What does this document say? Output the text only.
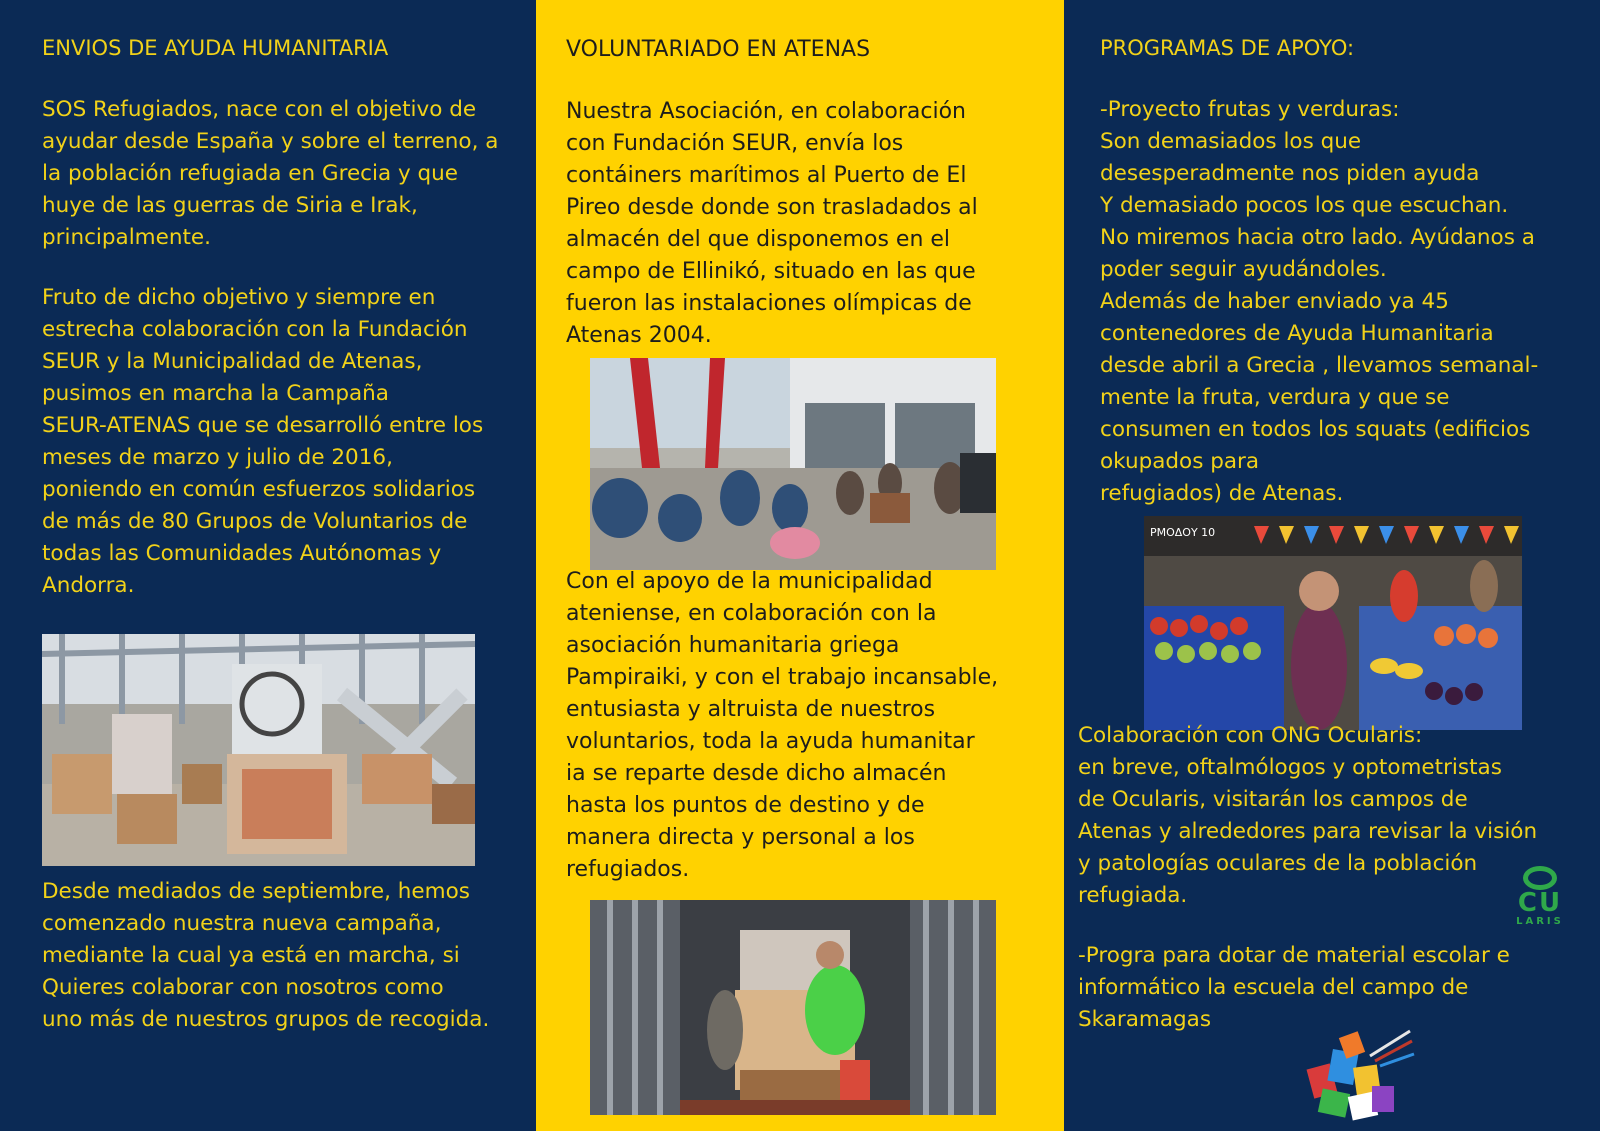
ENVIOS DE AYUDA HUMANITARIA

SOS Refugiados, nace con el objetivo de
ayudar desde España y sobre el terreno, a
la población refugiada en Grecia y que
huye de las guerras de Siria e Irak,
principalmente.

Fruto de dicho objetivo y siempre en
estrecha colaboración con la Fundación
SEUR y la Municipalidad de Atenas,
pusimos en marcha la Campaña
SEUR-ATENAS que se desarrolló entre los
meses de marzo y julio de 2016,
poniendo en común esfuerzos solidarios
de más de 80 Grupos de Voluntarios de
todas las Comunidades Autónomas y
Andorra.

Desde mediados de septiembre, hemos
comenzado nuestra nueva campaña,
mediante la cual ya está en marcha, si
Quieres colaborar con nosotros como
uno más de nuestros grupos de recogida.

VOLUNTARIADO EN ATENAS

Nuestra Asociación, en colaboración
con Fundación SEUR, envía los
contáiners marítimos al Puerto de El
Pireo desde donde son trasladados al
almacén del que disponemos en el
campo de Ellinikó, situado en las que
fueron las instalaciones olímpicas de
Atenas 2004.

Con el apoyo de la municipalidad
ateniense, en colaboración con la
asociación humanitaria griega
Pampiraiki, y con el trabajo incansable,
entusiasta y altruista de nuestros
voluntarios, toda la ayuda humanitar
ia se reparte desde dicho almacén
hasta los puntos de destino y de
manera directa y personal a los
refugiados.

PROGRAMAS DE APOYO:

-Proyecto frutas y verduras:
Son demasiados los que
desesperadmente nos piden ayuda
Y demasiado pocos los que escuchan.
No miremos hacia otro lado. Ayúdanos a
poder seguir ayudándoles.
Además de haber enviado ya 45
contenedores de Ayuda Humanitaria
desde abril a Grecia , llevamos semanal-
mente la fruta, verdura y que se
consumen en todos los squats (edificios
okupados para
refugiados) de Atenas.

ΡΜΟΔΟΥ 10

Colaboración con ONG Ocularis:
en breve, oftalmólogos y optometristas
de Ocularis, visitarán los campos de
Atenas y alrededores para revisar la visión
y patologías oculares de la población
refugiada.

-Progra para dotar de material escolar e
informático la escuela del campo de
Skaramagas

CU
LARIS
